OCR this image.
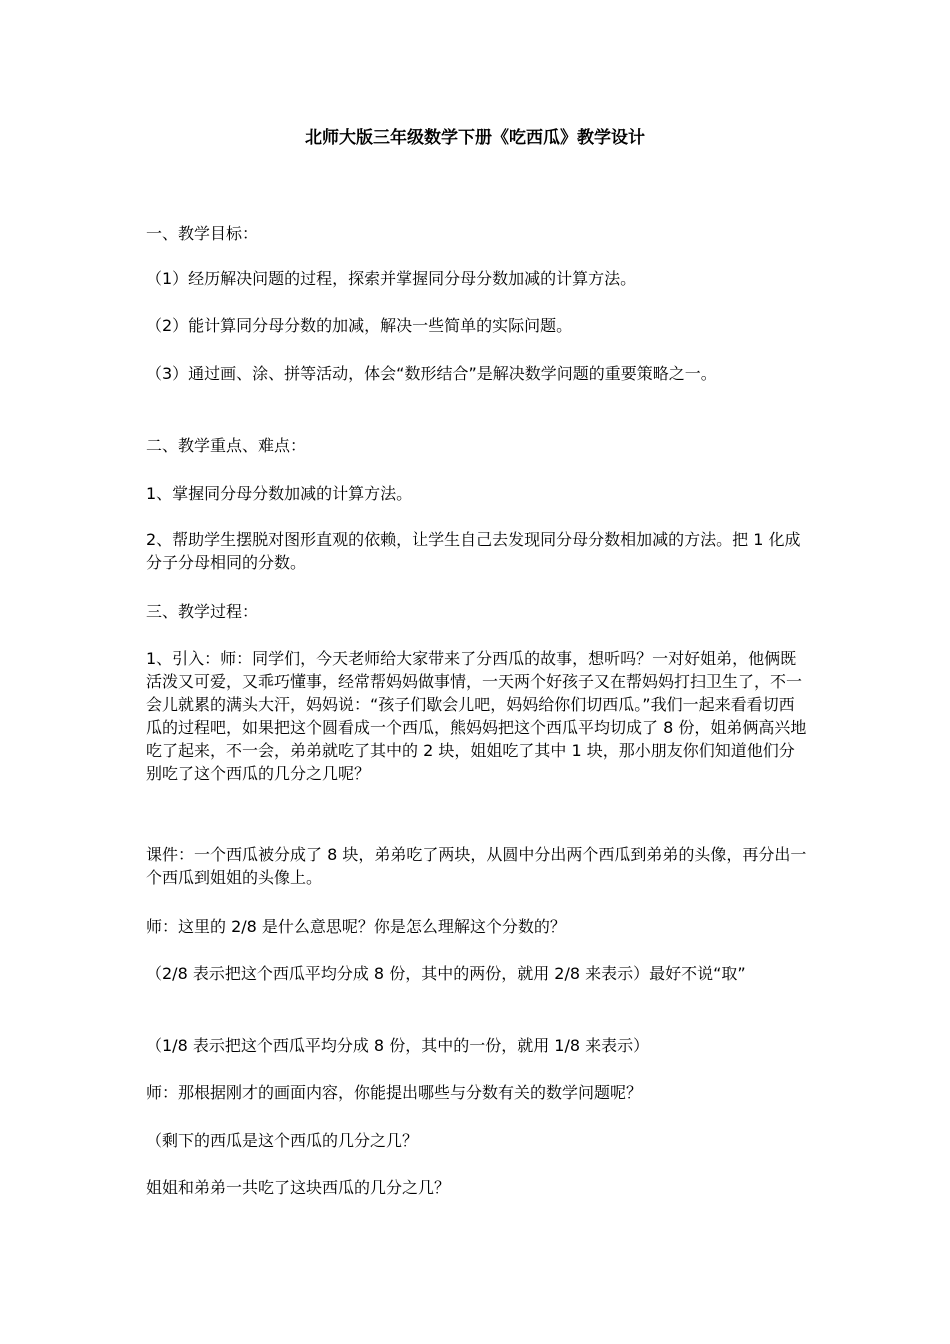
北师大版三年级数学下册《吃西瓜》教学设计

一、教学目标：

（1）经历解决问题的过程，探索并掌握同分母分数加减的计算方法。

（2）能计算同分母分数的加减，解决一些简单的实际问题。

（3）通过画、涂、拼等活动，体会“数形结合”是解决数学问题的重要策略之一。

二、教学重点、难点：

1、掌握同分母分数加减的计算方法。

2、帮助学生摆脱对图形直观的依赖，让学生自己去发现同分母分数相加减的方法。把 1 化成分子分母相同的分数。

三、教学过程：

1、引入：师：同学们，今天老师给大家带来了分西瓜的故事，想听吗？一对好姐弟，他俩既活泼又可爱，又乖巧懂事，经常帮妈妈做事情，一天两个好孩子又在帮妈妈打扫卫生了，不一会儿就累的满头大汗，妈妈说：“孩子们歇会儿吧，妈妈给你们切西瓜。”我们一起来看看切西瓜的过程吧，如果把这个圆看成一个西瓜，熊妈妈把这个西瓜平均切成了 8 份，姐弟俩高兴地吃了起来，不一会，弟弟就吃了其中的 2 块，姐姐吃了其中 1 块，那小朋友你们知道他们分别吃了这个西瓜的几分之几呢？

课件：一个西瓜被分成了 8 块，弟弟吃了两块，从圆中分出两个西瓜到弟弟的头像，再分出一个西瓜到姐姐的头像上。

师：这里的 2/8 是什么意思呢？你是怎么理解这个分数的？

（2/8 表示把这个西瓜平均分成 8 份，其中的两份，就用 2/8 来表示）最好不说“取”

（1/8 表示把这个西瓜平均分成 8 份，其中的一份，就用 1/8 来表示）

师：那根据刚才的画面内容，你能提出哪些与分数有关的数学问题呢？

（剩下的西瓜是这个西瓜的几分之几？

姐姐和弟弟一共吃了这块西瓜的几分之几？
